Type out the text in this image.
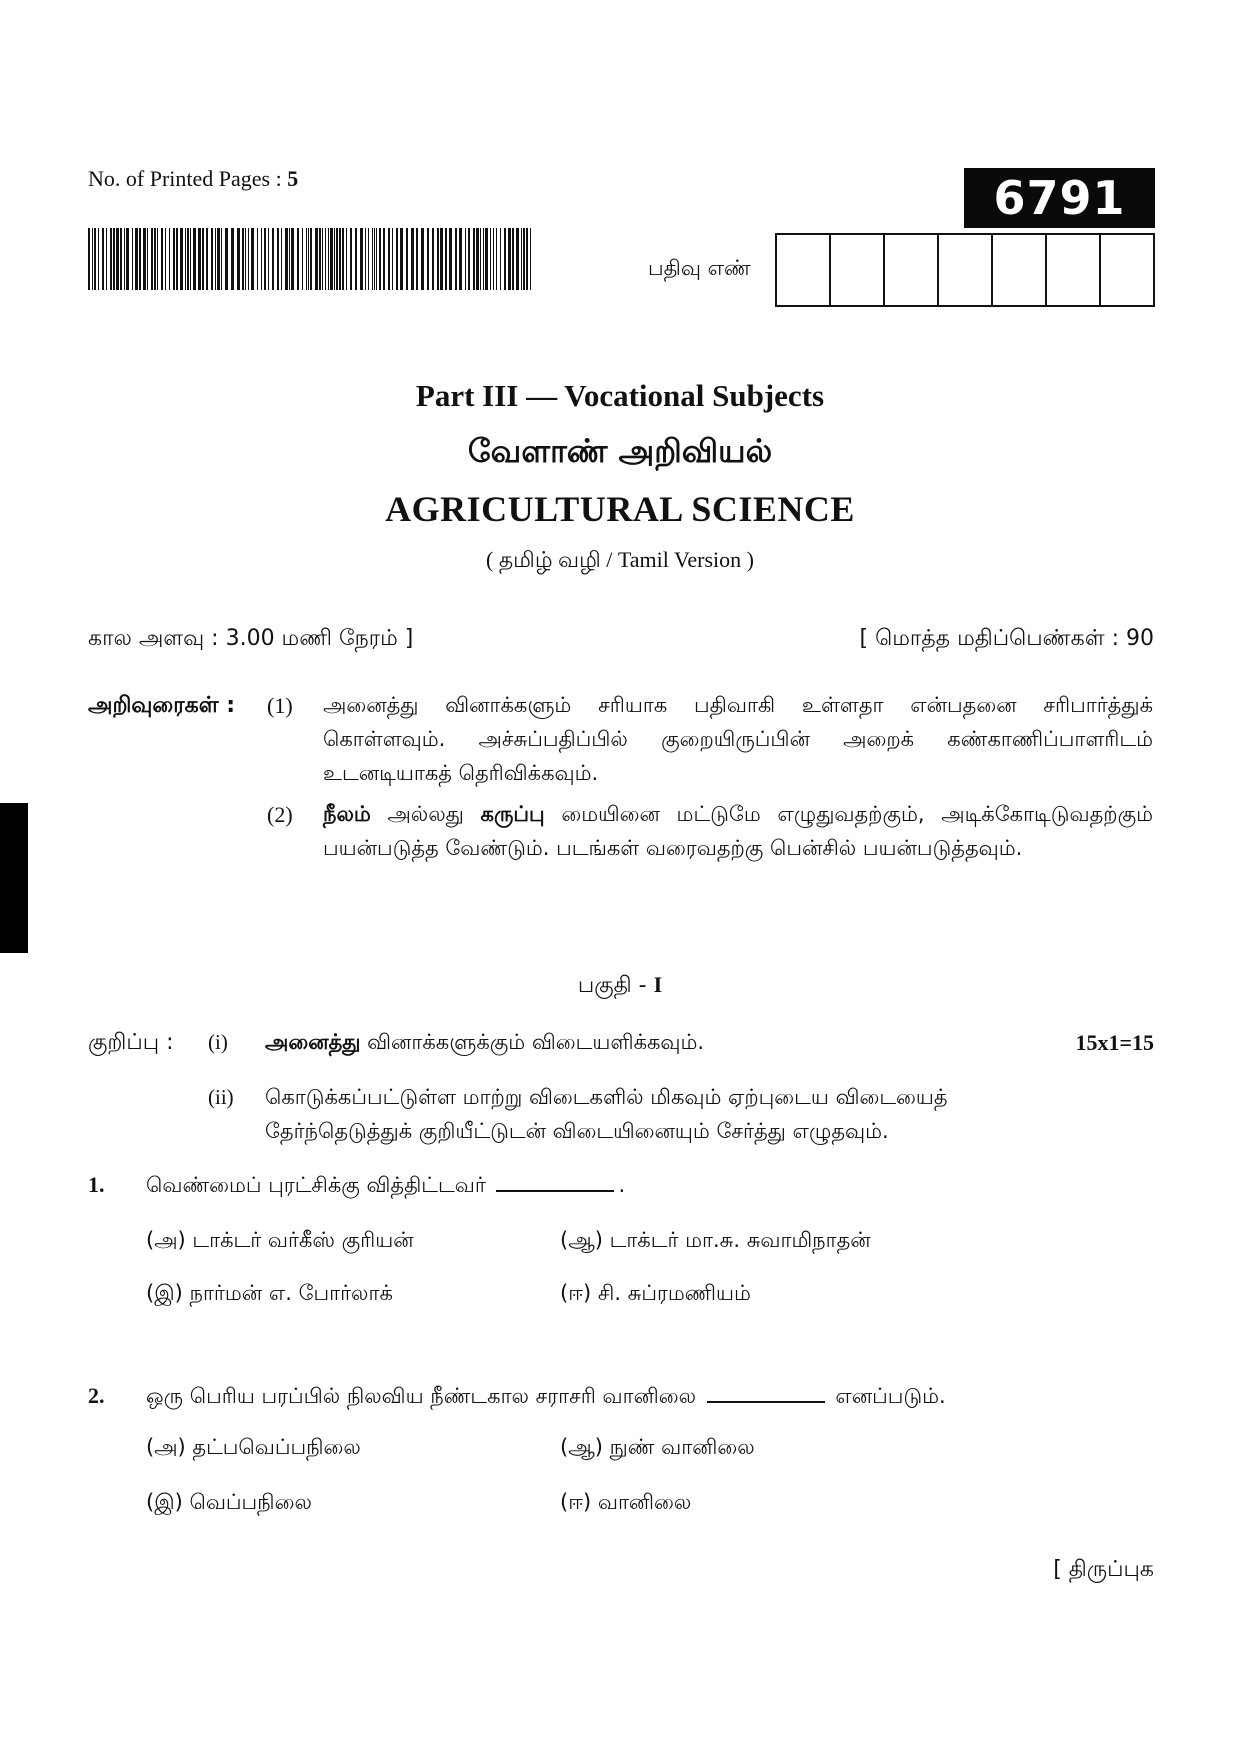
No. of Printed Pages : 5	6791
பதிவு எண்
Part III — Vocational Subjects
வேளாண் அறிவியல்
AGRICULTURAL SCIENCE
( தமிழ் வழி / Tamil Version )
கால அளவு : 3.00 மணி நேரம் ]	[ மொத்த மதிப்பெண்கள் : 90
அறிவுரைகள் : (1) அனைத்து வினாக்களும் சரியாக பதிவாகி உள்ளதா என்பதனை சரிபார்த்துக் கொள்ளவும். அச்சுப்பதிப்பில் குறையிருப்பின் அறைக் கண்காணிப்பாளரிடம் உடனடியாகத் தெரிவிக்கவும்.
(2) நீலம் அல்லது கருப்பு மையினை மட்டுமே எழுதுவதற்கும், அடிக்கோடிடுவதற்கும் பயன்படுத்த வேண்டும். படங்கள் வரைவதற்கு பென்சில் பயன்படுத்தவும்.
பகுதி - I
குறிப்பு : (i) அனைத்து வினாக்களுக்கும் விடையளிக்கவும்.	15x1=15
(ii) கொடுக்கப்பட்டுள்ள மாற்று விடைகளில் மிகவும் ஏற்புடைய விடையைத் தேர்ந்தெடுத்துக் குறியீட்டுடன் விடையினையும் சேர்த்து எழுதவும்.
1. வெண்மைப் புரட்சிக்கு வித்திட்டவர்	.
(அ) டாக்டர் வர்கீஸ் குரியன்	(ஆ) டாக்டர் மா.சு. சுவாமிநாதன்
(இ) நார்மன் எ. போர்லாக்	(ஈ) சி. சுப்ரமணியம்
2. ஒரு பெரிய பரப்பில் நிலவிய நீண்டகால சராசரி வானிலை	எனப்படும்.
(அ) தட்பவெப்பநிலை	(ஆ) நுண் வானிலை
(இ) வெப்பநிலை	(ஈ) வானிலை
[ திருப்புக
